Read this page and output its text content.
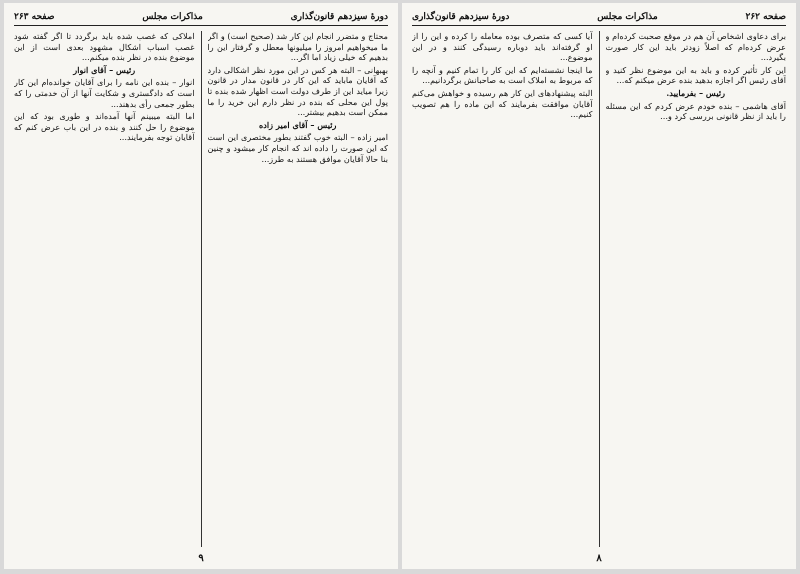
دورهٔ سیزدهم قانون‌گذاری
مذاکرات مجلس
صفحه ۲۶۳

محتاج و متضرر انجام این کار شد (صحیح است) و اگر ما میخواهیم امروز را میلیونها معطل و گرفتار این را بدهیم که خیلی زیاد اما اگر...

بهبهانی – البته هر کس در این مورد نظر اشکالی دارد که آقایان ماباید که این کار در قانون مدار در قانون زیرا میاید این از طرف دولت است اظهار شده بنده تا پول این محلی که بنده در نظر دارم این خرید را ما ممکن است بدهیم بیشتر...

رئیس – آقای امیر زاده

امیر زاده – البته خوب گفتند بطور مختصری این است که این صورت را داده اند که انجام کار میشود و چنین بنا حالا آقایان موافق هستند به طرز...

املاکی که غصب شده باید برگردد تا اگر گفته شود غصب اسباب اشکال مشهود بعدی است از این موضوع بنده در نظر بنده میکنم...

رئیس – آقای انوار

انوار – بنده این نامه را برای آقایان خوانده‌ام این کار است که دادگستری و شکایت آنها از آن خدمتی را که بطور جمعی رأی بدهند...

اما البته میبینم آنها آمده‌اند و طوری بود که این موضوع را حل کنند و بنده در این باب عرض کنم که آقایان توجه بفرمایند...

۹
صفحه ۲۶۲
مذاکرات مجلس
دورهٔ سیزدهم قانون‌گذاری

برای دعاوی اشخاص آن هم در موقع صحبت کرده‌ام و عرض کرده‌ام که اصلاً زودتر باید این کار صورت بگیرد...

این کار تأثیر کرده و باید به این موضوع نظر کنید و آقای رئیس اگر اجازه بدهید بنده عرض میکنم که...

رئیس – بفرمایید.

آقای هاشمی – بنده خودم عرض کردم که این مسئله را باید از نظر قانونی بررسی کرد و...

آیا کسی که متصرف بوده معامله را کرده و این را از او گرفته‌اند باید دوباره رسیدگی کنند و در این موضوع...

ما اینجا نشسته‌ایم که این کار را تمام کنیم و آنچه را که مربوط به املاک است به صاحبانش برگردانیم...

البته پیشنهادهای این کار هم رسیده و خواهش می‌کنم آقایان موافقت بفرمایند که این ماده را هم تصویب کنیم...

۸
